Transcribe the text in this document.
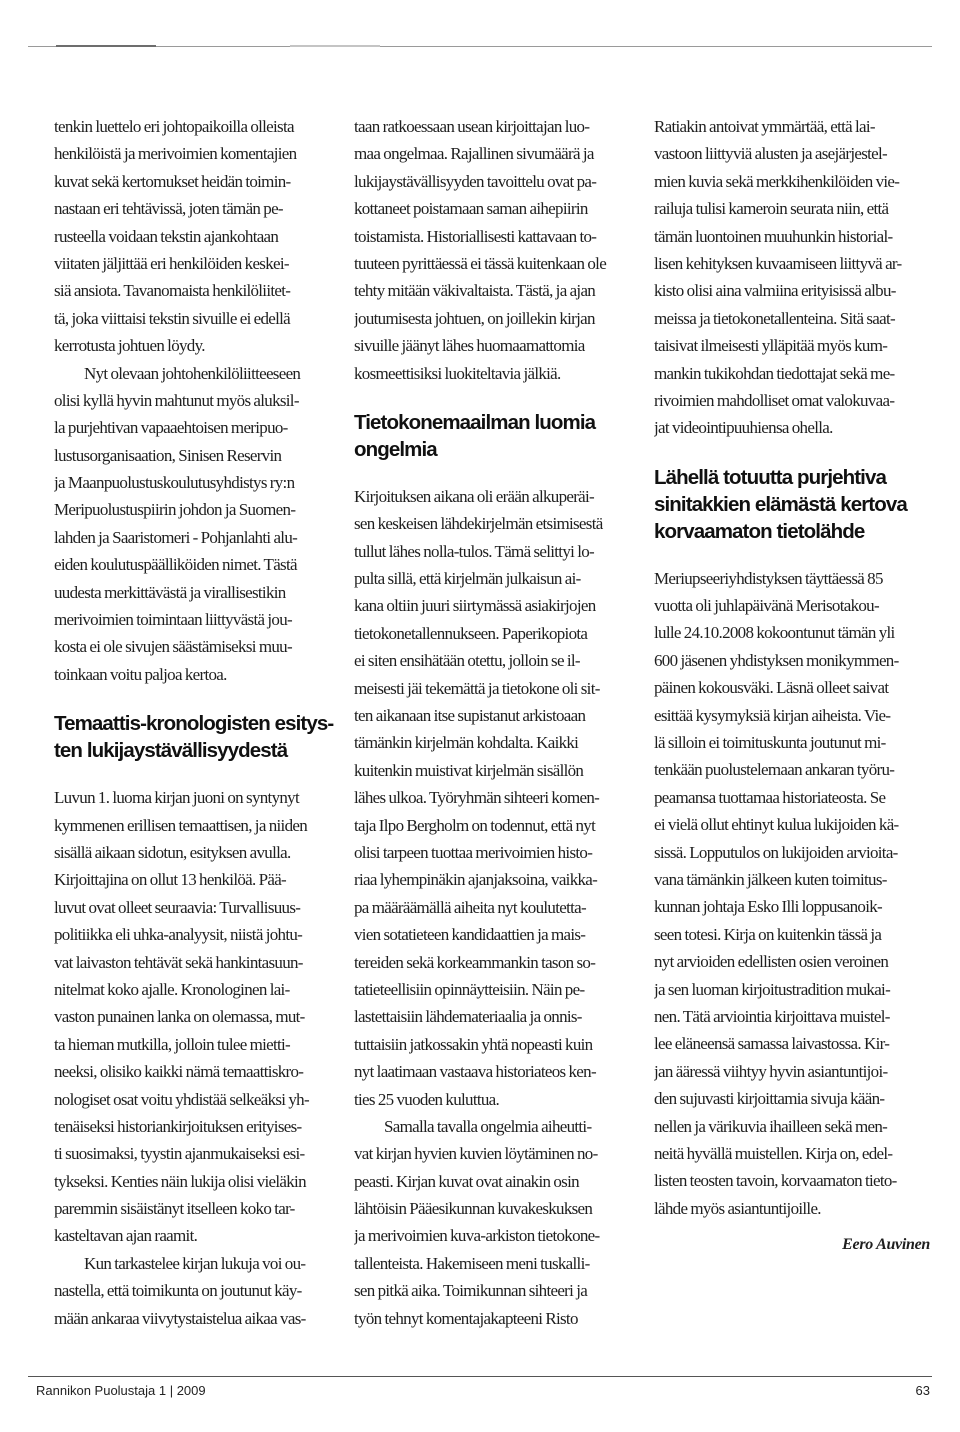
tenkin luettelo eri johtopaikoilla olleista
henkilöistä ja merivoimien komentajien
kuvat sekä kertomukset heidän toimin-
nastaan eri tehtävissä, joten tämän pe-
rusteella voidaan tekstin ajankohtaan
viitaten jäljittää eri henkilöiden keskei-
siä ansiota. Tavanomaista henkilöliitet-
tä, joka viittaisi tekstin sivuille ei edellä
kerrotusta johtuen löydy.
Nyt olevaan johtohenkilöliitteeseen
olisi kyllä hyvin mahtunut myös aluksil-
la purjehtivan vapaaehtoisen meripuo-
lustusorganisaation, Sinisen Reservin
ja Maanpuolustuskoulutusyhdistys ry:n
Meripuolustuspiirin johdon ja Suomen-
lahden ja Saaristomeri - Pohjanlahti alu-
eiden koulutuspäälliköiden nimet. Tästä
uudesta merkittävästä ja virallisestikin
merivoimien toimintaan liittyvästä jou-
kosta ei ole sivujen säästämiseksi muu-
toinkaan voitu paljoa kertoa.
Temaattis-kronologisten esitys-
ten lukijaystävällisyydestä
Luvun 1. luoma kirjan juoni on syntynyt
kymmenen erillisen temaattisen, ja niiden
sisällä aikaan sidotun, esityksen avulla.
Kirjoittajina on ollut 13 henkilöä. Pää-
luvut ovat olleet seuraavia: Turvallisuus-
politiikka eli uhka-analyysit, niistä johtu-
vat laivaston tehtävät sekä hankintasuun-
nitelmat koko ajalle. Kronologinen lai-
vaston punainen lanka on olemassa, mut-
ta hieman mutkilla, jolloin tulee mietti-
neeksi, olisiko kaikki nämä temaattiskro-
nologiset osat voitu yhdistää selkeäksi yh-
tenäiseksi historiankirjoituksen erityises-
ti suosimaksi, tyystin ajanmukaiseksi esi-
tykseksi. Kenties näin lukija olisi vieläkin
paremmin sisäistänyt itselleen koko tar-
kasteltavan ajan raamit.
Kun tarkastelee kirjan lukuja voi ou-
nastella, että toimikunta on joutunut käy-
mään ankaraa viivytystaistelua aikaa vas-
taan ratkoessaan usean kirjoittajan luo-
maa ongelmaa. Rajallinen sivumäärä ja
lukijaystävällisyyden tavoittelu ovat pa-
kottaneet poistamaan saman aihepiirin
toistamista. Historiallisesti kattavaan to-
tuuteen pyrittäessä ei tässä kuitenkaan ole
tehty mitään väkivaltaista. Tästä, ja ajan
joutumisesta johtuen, on joillekin kirjan
sivuille jäänyt lähes huomaamattomia
kosmeettisiksi luokiteltavia jälkiä.
Tietokonemaailman luomia
ongelmia
Kirjoituksen aikana oli erään alkuperäi-
sen keskeisen lähdekirjelmän etsimisestä
tullut lähes nolla-tulos. Tämä selittyi lo-
pulta sillä, että kirjelmän julkaisun ai-
kana oltiin juuri siirtymässä asiakirjojen
tietokonetallennukseen. Paperikopiota
ei siten ensihätään otettu, jolloin se il-
meisesti jäi tekemättä ja tietokone oli sit-
ten aikanaan itse supistanut arkistoaan
tämänkin kirjelmän kohdalta. Kaikki
kuitenkin muistivat kirjelmän sisällön
lähes ulkoa. Työryhmän sihteeri komen-
taja Ilpo Bergholm on todennut, että nyt
olisi tarpeen tuottaa merivoimien histo-
riaa lyhempinäkin ajanjaksoina, vaikka-
pa määräämällä aiheita nyt koulutetta-
vien sotatieteen kandidaattien ja mais-
tereiden sekä korkeammankin tason so-
tatieteellisiin opinnäytteisiin. Näin pe-
lastettaisiin lähdemateriaalia ja onnis-
tuttaisiin jatkossakin yhtä nopeasti kuin
nyt laatimaan vastaava historiateos ken-
ties 25 vuoden kuluttua.
Samalla tavalla ongelmia aiheutti-
vat kirjan hyvien kuvien löytäminen no-
peasti. Kirjan kuvat ovat ainakin osin
lähtöisin Pääesikunnan kuvakeskuksen
ja merivoimien kuva-arkiston tietokone-
tallenteista. Hakemiseen meni tuskalli-
sen pitkä aika. Toimikunnan sihteeri ja
työn tehnyt komentajakapteeni Risto
Ratiakin antoivat ymmärtää, että lai-
vastoon liittyviä alusten ja asejärjestel-
mien kuvia sekä merkkihenkilöiden vie-
railuja tulisi kameroin seurata niin, että
tämän luontoinen muuhunkin historial-
lisen kehityksen kuvaamiseen liittyvä ar-
kisto olisi aina valmiina erityisissä albu-
meissa ja tietokonetallenteina. Sitä saat-
taisivat ilmeisesti ylläpitää myös kum-
mankin tukikohdan tiedottajat sekä me-
rivoimien mahdolliset omat valokuvaa-
jat videointipuuhiensa ohella.
Lähellä totuutta purjehtiva
sinitakkien elämästä kertova
korvaamaton tietolähde
Meriupseeriyhdistyksen täyttäessä 85
vuotta oli juhlapäivänä Merisotakou-
lulle 24.10.2008 kokoontunut tämän yli
600 jäsenen yhdistyksen monikymmen-
päinen kokousväki. Läsnä olleet saivat
esittää kysymyksiä kirjan aiheista. Vie-
lä silloin ei toimituskunta joutunut mi-
tenkään puolustelemaan ankaran työru-
peamansa tuottamaa historiateosta. Se
ei vielä ollut ehtinyt kulua lukijoiden kä-
sissä. Lopputulos on lukijoiden arvioita-
vana tämänkin jälkeen kuten toimitus-
kunnan johtaja Esko Illi loppusanoik-
seen totesi. Kirja on kuitenkin tässä ja
nyt arvioiden edellisten osien veroinen
ja sen luoman kirjoitustradition mukai-
nen. Tätä arviointia kirjoittava muistel-
lee eläneensä samassa laivastossa. Kir-
jan ääressä viihtyy hyvin asiantuntijoi-
den sujuvasti kirjoittamia sivuja kään-
nellen ja värikuvia ihailleen sekä men-
neitä hyvällä muistellen. Kirja on, edel-
listen teosten tavoin, korvaamaton tieto-
lähde myös asiantuntijoille.
Eero Auvinen
Rannikon Puolustaja 1 | 2009	63
